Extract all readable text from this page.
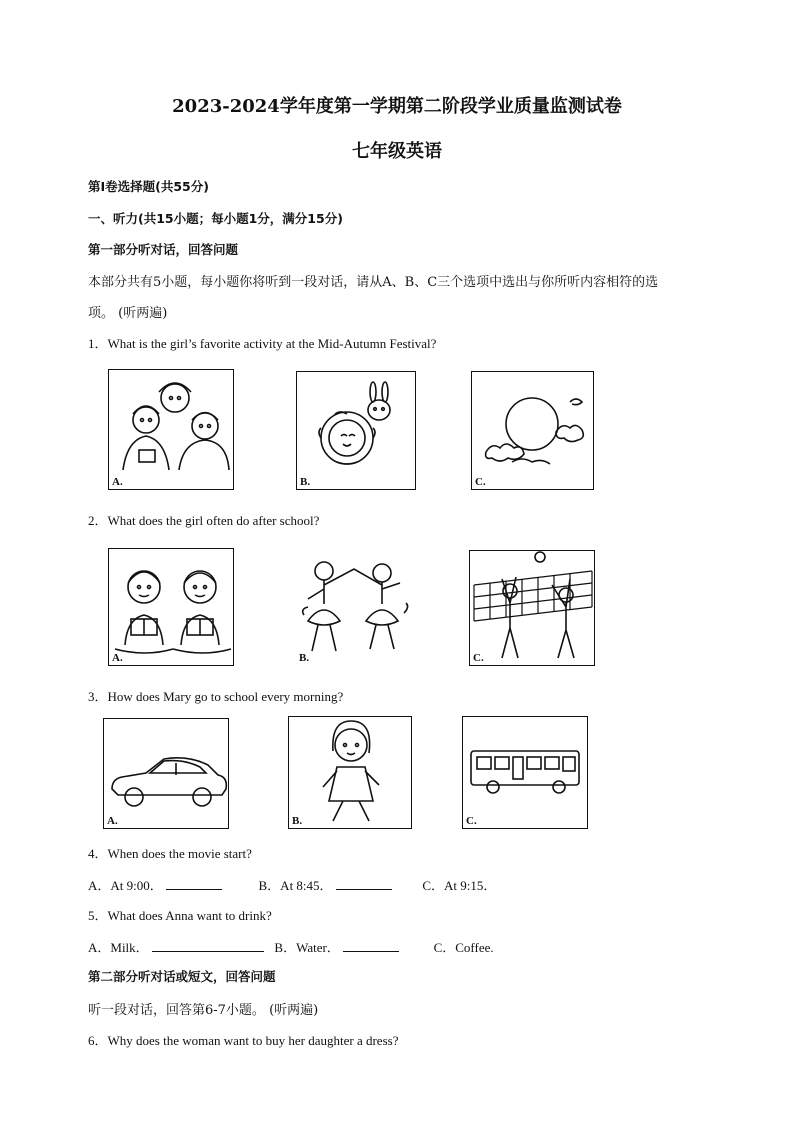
2023-2024学年度第一学期第二阶段学业质量监测试卷
七年级英语
第Ⅰ卷选择题(共55分)
一、听力(共15小题；每小题1分，满分15分)
第一部分听对话，回答问题
本部分共有5小题，每小题你将听到一段对话，请从A、B、C三个选项中选出与你所听内容相符的选
项。 (听两遍)
1．What is the girl’s favorite activity at the Mid-Autumn Festival?
A.	B.	C.
2．What does the girl often do after school?
A.	B.	C.
3．How does Mary go to school every morning?
A.	B.	C.
4．When does the movie start?
A．At 9:00．	B．At 8:45．	C．At 9:15．
5．What does Anna want to drink?
A．Milk．	B．Water．	C．Coffee.
第二部分听对话或短文，回答问题
听一段对话，回答第6-7小题。 (听两遍)
6．Why does the woman want to buy her daughter a dress?
